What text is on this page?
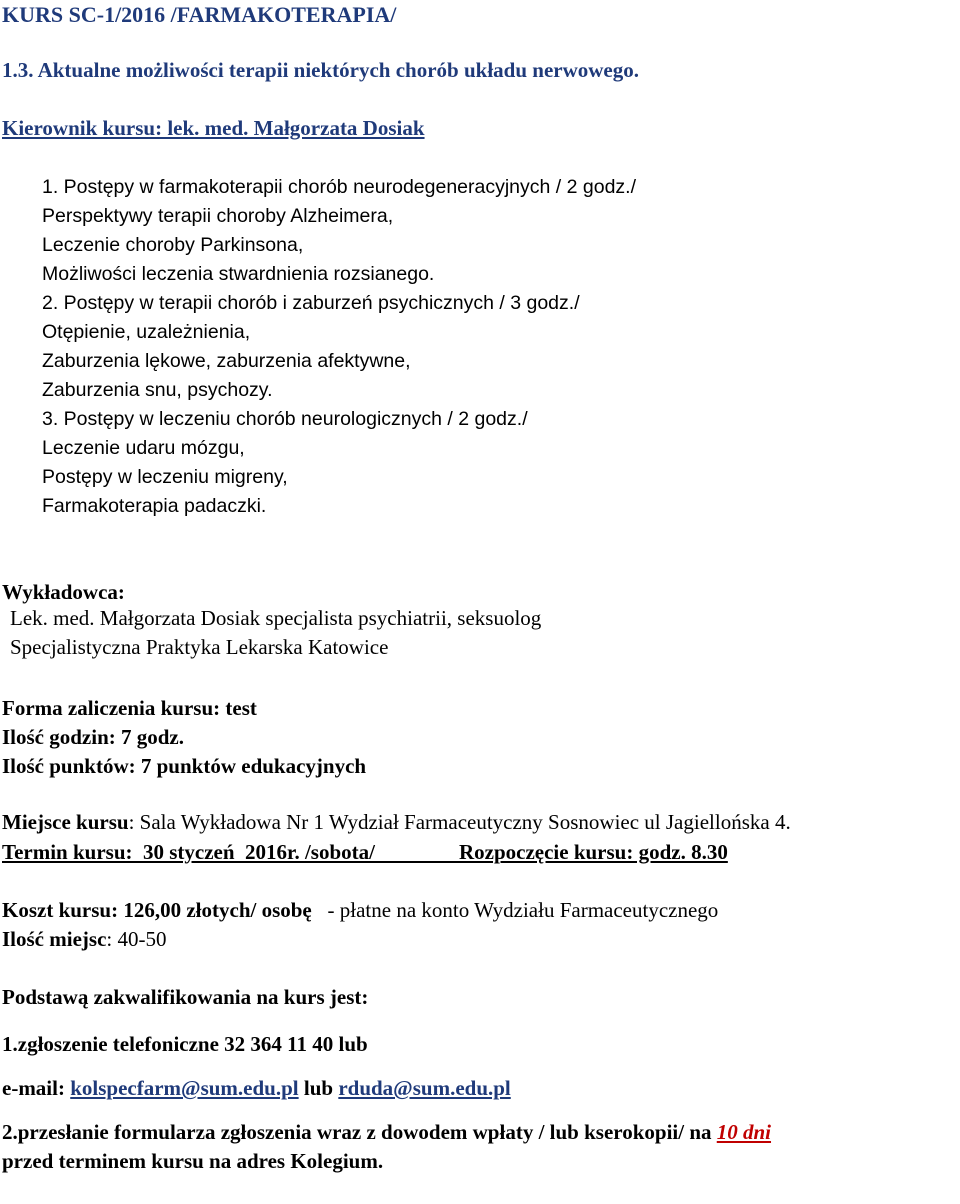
KURS SC-1/2016 /FARMAKOTERAPIA/
1.3. Aktualne możliwości terapii niektórych chorób układu nerwowego.
Kierownik kursu: lek. med. Małgorzata Dosiak
1. Postępy w farmakoterapii chorób neurodegeneracyjnych / 2 godz./
Perspektywy terapii choroby Alzheimera,
Leczenie choroby Parkinsona,
Możliwości leczenia stwardnienia rozsianego.
2. Postępy w terapii chorób i zaburzeń psychicznych / 3 godz./
Otępienie, uzależnienia,
Zaburzenia lękowe, zaburzenia afektywne,
Zaburzenia snu, psychozy.
3. Postępy w leczeniu chorób neurologicznych / 2 godz./
Leczenie udaru mózgu,
Postępy w leczeniu migreny,
Farmakoterapia padaczki.
Wykładowca:
Lek. med. Małgorzata Dosiak specjalista psychiatrii, seksuolog
Specjalistyczna Praktyka Lekarska Katowice
Forma zaliczenia kursu: test
Ilość godzin: 7 godz.
Ilość punktów: 7 punktów edukacyjnych
Miejsce kursu: Sala Wykładowa Nr 1 Wydział Farmaceutyczny Sosnowiec ul Jagiellońska 4.
Termin kursu:  30 styczeń  2016r. /sobota/                Rozpoczęcie kursu: godz. 8.30
Koszt kursu: 126,00 złotych/ osobę - płatne na konto Wydziału Farmaceutycznego
Ilość miejsc: 40-50
Podstawą zakwalifikowania na kurs jest:
1.zgłoszenie telefoniczne 32 364 11 40 lub
e-mail: kolspecfarm@sum.edu.pl lub rduda@sum.edu.pl
2.przesłanie formularza zgłoszenia wraz z dowodem wpłaty / lub kserokopii/ na 10 dni
przed terminem kursu na adres Kolegium.
